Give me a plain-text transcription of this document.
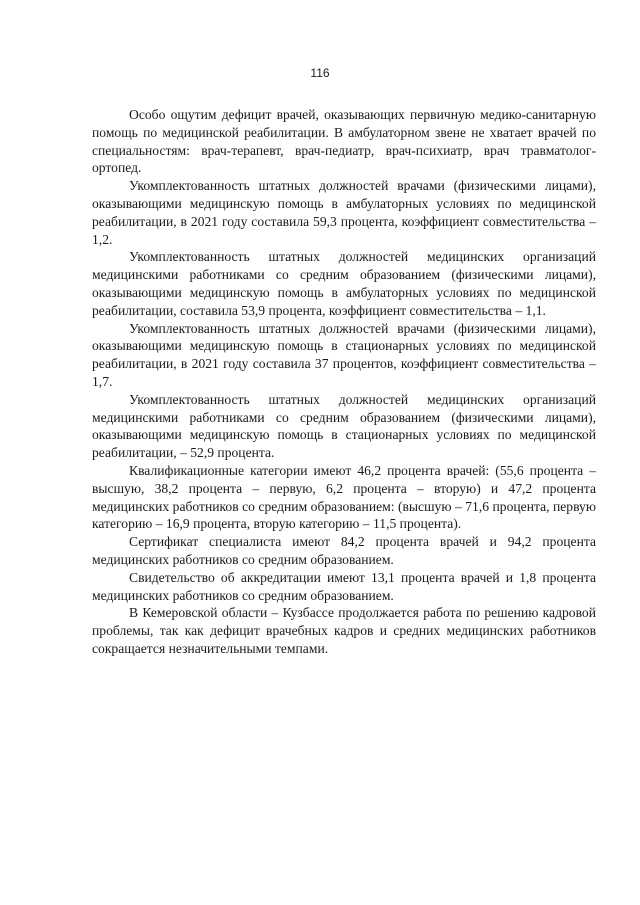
116

Особо ощутим дефицит врачей, оказывающих первичную медико-санитарную помощь по медицинской реабилитации. В амбулаторном звене не хватает врачей по специальностям: врач-терапевт, врач-педиатр, врач-психиатр, врач травматолог-ортопед.

Укомплектованность штатных должностей врачами (физическими лицами), оказывающими медицинскую помощь в амбулаторных условиях по медицинской реабилитации, в 2021 году составила 59,3 процента, коэффициент совместительства – 1,2.

Укомплектованность штатных должностей медицинских организаций медицинскими работниками со средним образованием (физическими лицами), оказывающими медицинскую помощь в амбулаторных условиях по медицинской реабилитации, составила 53,9 процента, коэффициент совместительства – 1,1.

Укомплектованность штатных должностей врачами (физическими лицами), оказывающими медицинскую помощь в стационарных условиях по медицинской реабилитации, в 2021 году составила 37 процентов, коэффициент совместительства – 1,7.

Укомплектованность штатных должностей медицинских организаций медицинскими работниками со средним образованием (физическими лицами), оказывающими медицинскую помощь в стационарных условиях по медицинской реабилитации, – 52,9 процента.

Квалификационные категории имеют 46,2 процента врачей: (55,6 процента – высшую, 38,2 процента – первую, 6,2 процента – вторую) и 47,2 процента медицинских работников со средним образованием: (высшую – 71,6 процента, первую категорию – 16,9 процента, вторую категорию – 11,5 процента).

Сертификат специалиста имеют 84,2 процента врачей и 94,2 процента медицинских работников со средним образованием.

Свидетельство об аккредитации имеют 13,1 процента врачей и 1,8 процента медицинских работников со средним образованием.

В Кемеровской области – Кузбассе продолжается работа по решению кадровой проблемы, так как дефицит врачебных кадров и средних медицинских работников сокращается незначительными темпами.
